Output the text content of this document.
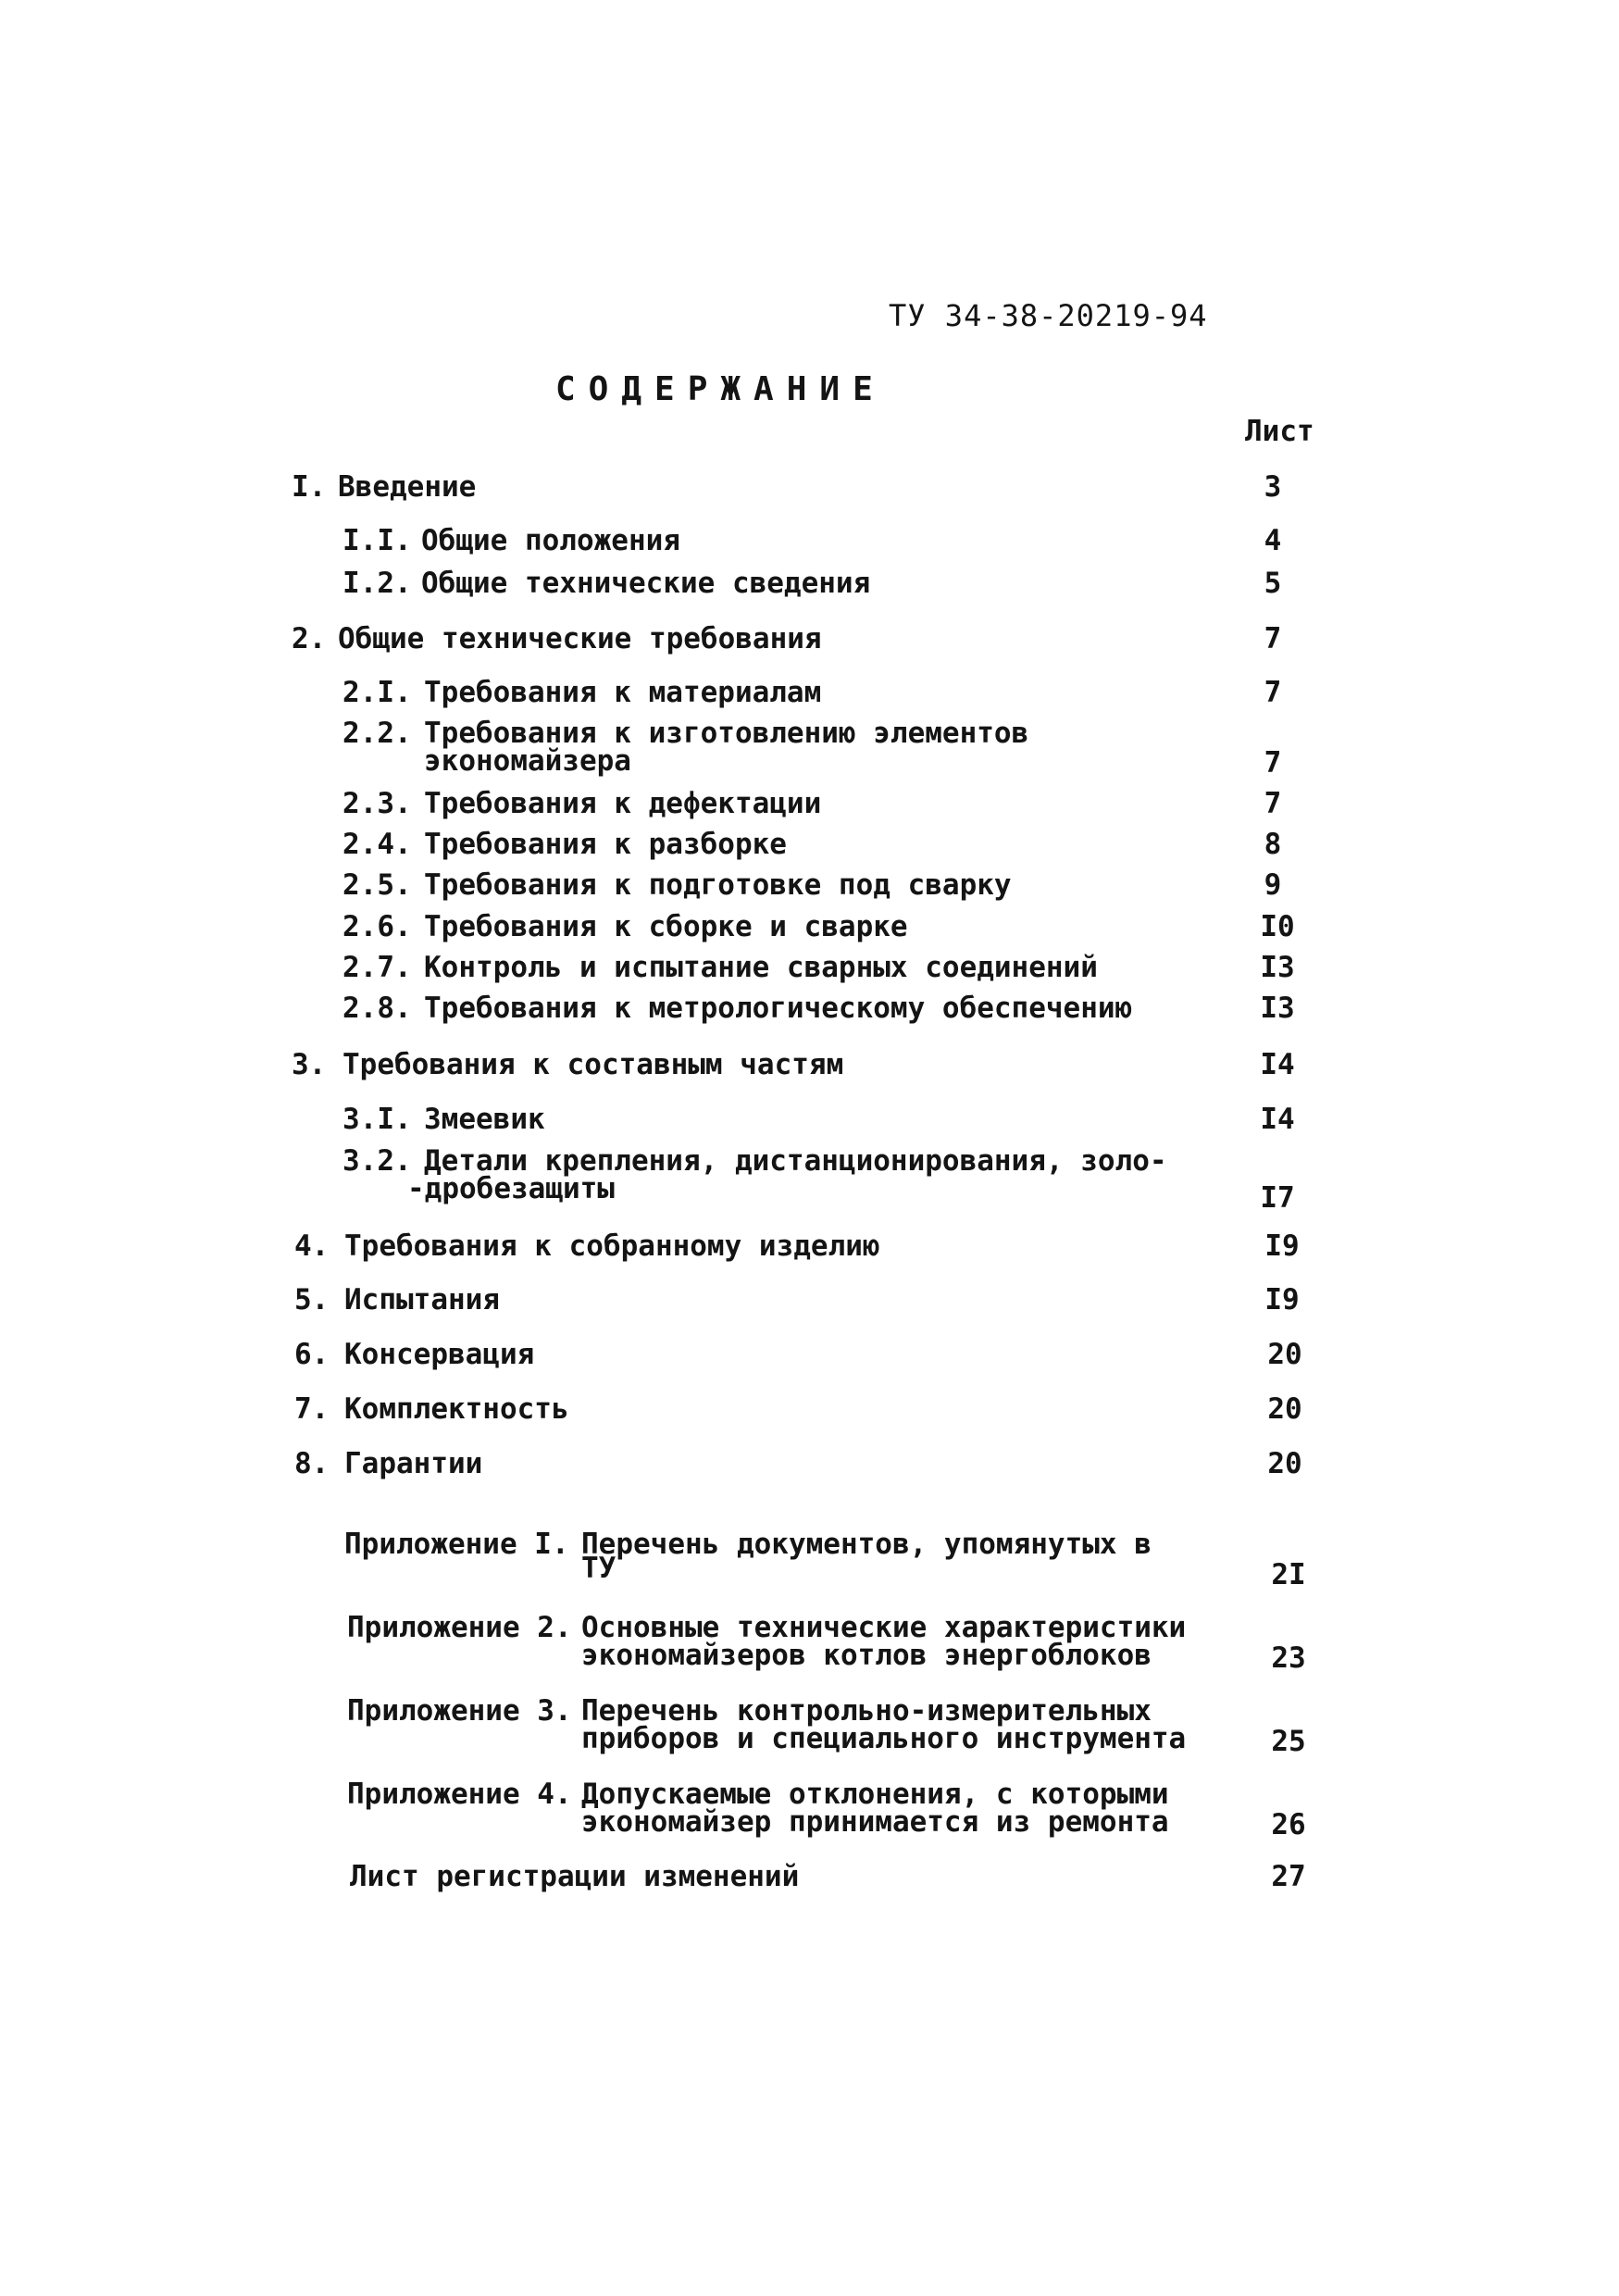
ТУ 34-38-20219-94
СОДЕРЖАНИЕ
Лист
I. Введение	3
I.I. Общие положения	4
I.2. Общие технические сведения	5
2. Общие технические требования	7
2.I. Требования к материалам	7
2.2. Требования к изготовлению элементов
экономайзера	7
2.3. Требования к дефектации	7
2.4. Требования к разборке	8
2.5. Требования к подготовке под сварку	9
2.6. Требования к сборке и сварке	I0
2.7. Контроль и испытание сварных соединений	I3
2.8. Требования к метрологическому обеспечению	I3
3. Требования к составным частям	I4
3.I. Змеевик	I4
3.2. Детали крепления, дистанционирования, золо-
-дробезащиты	I7
4. Требования к собранному изделию	I9
5. Испытания	I9
6. Консервация	20
7. Комплектность	20
8. Гарантии	20
Приложение I. Перечень документов, упомянутых в
ТУ	2I
Приложение 2. Основные технические характеристики
экономайзеров котлов энергоблоков	23
Приложение 3. Перечень контрольно-измерительных
приборов и специального инструмента	25
Приложение 4. Допускаемые отклонения, с которыми
экономайзер принимается из ремонта	26
Лист регистрации изменений	27
